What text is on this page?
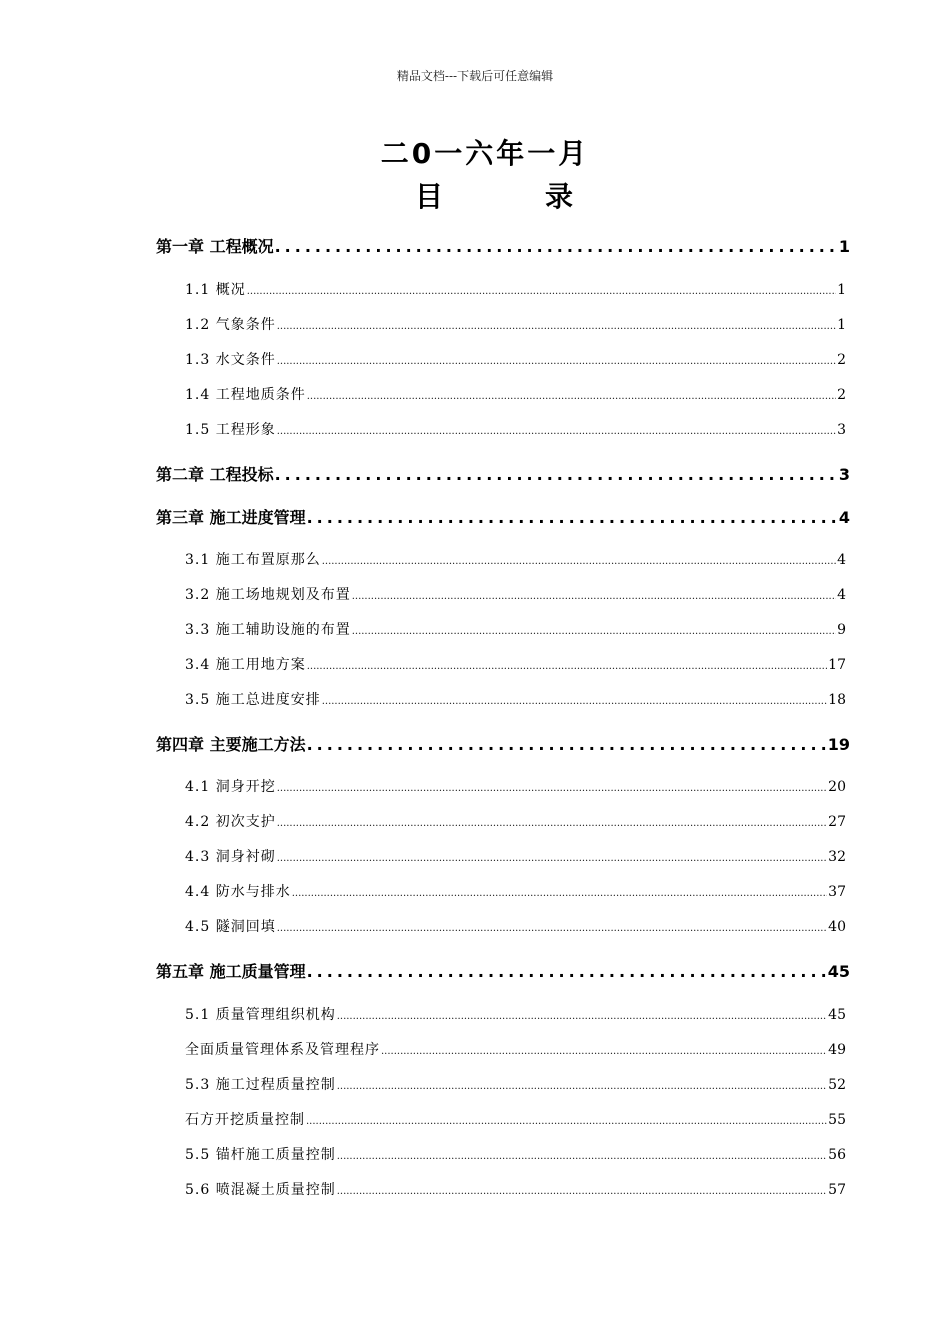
精品文档---下载后可任意编辑
二0一六年一月
目	录
第一章 工程概况 .....	1
1.1 概况 .....	1
1.2 气象条件 .....	1
1.3 水文条件 .....	2
1.4 工程地质条件 .....	2
1.5 工程形象 .....	3
第二章 工程投标 .....	3
第三章 施工进度管理 .....	4
3.1 施工布置原那么 .....	4
3.2 施工场地规划及布置 .....	4
3.3 施工辅助设施的布置 .....	9
3.4 施工用地方案 .....	17
3.5 施工总进度安排 .....	18
第四章 主要施工方法 .....	19
4.1 洞身开挖 .....	20
4.2 初次支护 .....	27
4.3 洞身衬砌 .....	32
4.4 防水与排水 .....	37
4.5 隧洞回填 .....	40
第五章 施工质量管理 .....	45
5.1 质量管理组织机构 .....	45
全面质量管理体系及管理程序 .....	49
5.3 施工过程质量控制 .....	52
石方开挖质量控制 .....	55
5.5 锚杆施工质量控制 .....	56
5.6 喷混凝土质量控制 .....	57
